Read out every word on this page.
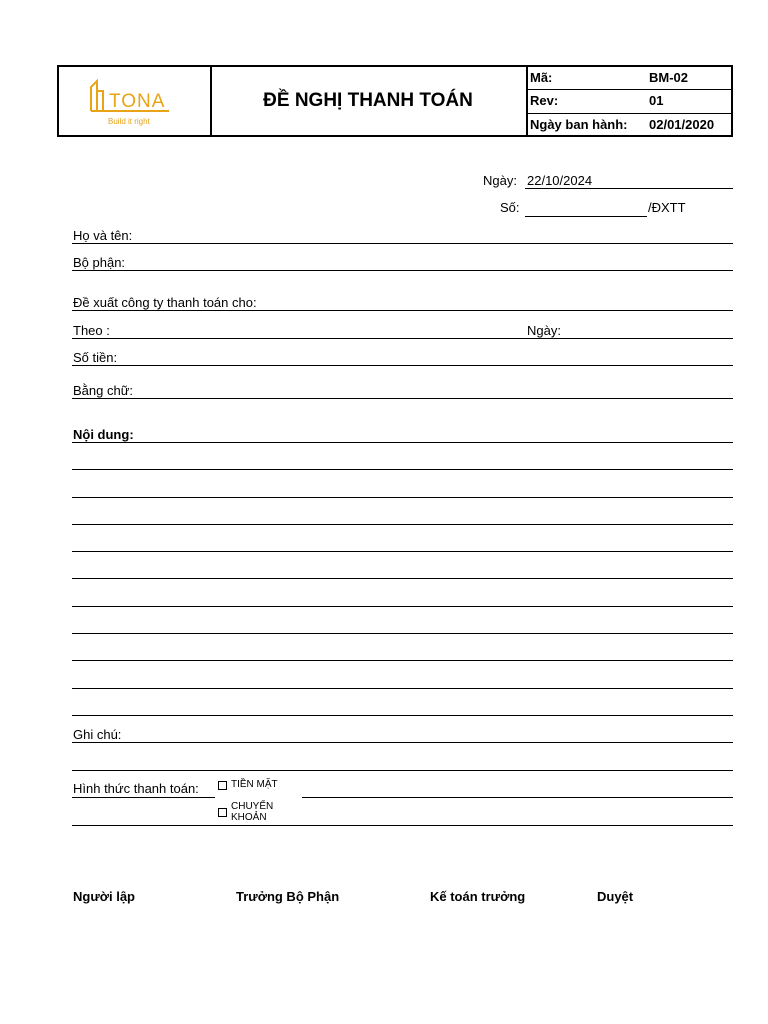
TONA
Build it right
ĐỀ NGHỊ THANH TOÁN
Mã:	BM-02
Rev:	01
Ngày ban hành: 02/01/2020
Ngày: 22/10/2024
Số:	/ĐXTT
Họ và tên:
Bộ phận:
Đề xuất công ty thanh toán cho:
Theo :	Ngày:
Số tiền:
Bằng chữ:
Nội dung:
Ghi chú:
Hình thức thanh toán:	TIỀN MẶT
CHUYỂN KHOẢN
Người lập	Trưởng Bộ Phận	Kế toán trưởng	Duyệt
